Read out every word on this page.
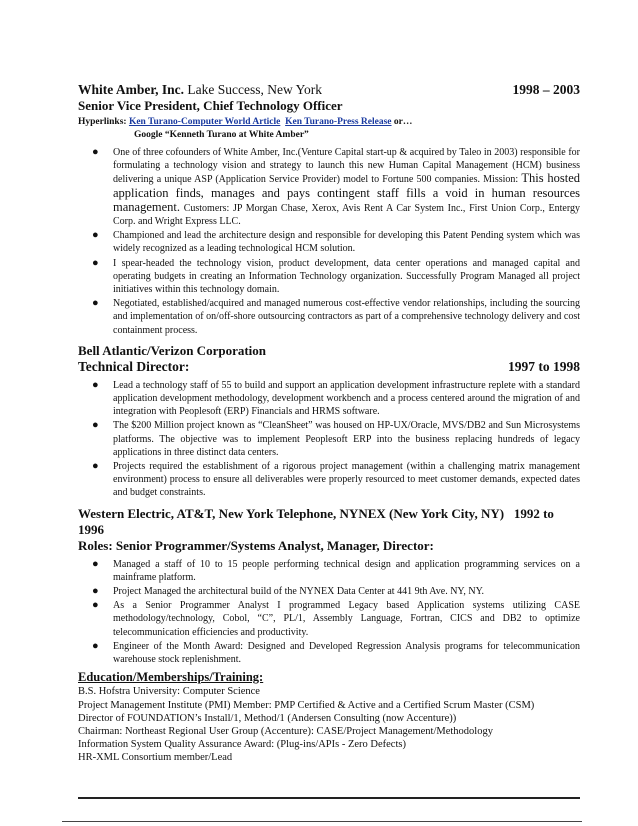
White Amber, Inc. Lake Success, New York	1998 – 2003
Senior Vice President, Chief Technology Officer
Hyperlinks: Ken Turano-Computer World Article Ken Turano-Press Release or…
Google “Kenneth Turano at White Amber”
● One of three cofounders of White Amber, Inc.(Venture Capital start-up & acquired by Taleo in 2003) responsible for formulating a technology vision and strategy to launch this new Human Capital Management (HCM) business delivering a unique ASP (Application Service Provider) model to Fortune 500 companies. Mission: This hosted application finds, manages and pays contingent staff fills a void in human resources management. Customers: JP Morgan Chase, Xerox, Avis Rent A Car System Inc., First Union Corp., Entergy Corp. and Wright Express LLC.
● Championed and lead the architecture design and responsible for developing this Patent Pending system which was widely recognized as a leading technological HCM solution.
● I spear-headed the technology vision, product development, data center operations and managed capital and operating budgets in creating an Information Technology organization. Successfully Program Managed all project initiatives within this technology domain.
● Negotiated, established/acquired and managed numerous cost-effective vendor relationships, including the sourcing and implementation of on/off-shore outsourcing contractors as part of a comprehensive technology delivery and cost containment process.
Bell Atlantic/Verizon Corporation
Technical Director:	1997 to 1998
● Lead a technology staff of 55 to build and support an application development infrastructure replete with a standard application development methodology, development workbench and a process centered around the migration of and integration with Peoplesoft (ERP) Financials and HRMS software.
● The $200 Million project known as “CleanSheet” was housed on HP-UX/Oracle, MVS/DB2 and Sun Microsystems platforms. The objective was to implement Peoplesoft ERP into the business replacing hundreds of legacy applications in three distinct data centers.
● Projects required the establishment of a rigorous project management (within a challenging matrix management environment) process to ensure all deliverables were properly resourced to meet customer demands, expected dates and budget constraints.
Western Electric, AT&T, New York Telephone, NYNEX (New York City, NY) 1992 to 1996
Roles: Senior Programmer/Systems Analyst, Manager, Director:
● Managed a staff of 10 to 15 people performing technical design and application programming services on a mainframe platform.
● Project Managed the architectural build of the NYNEX Data Center at 441 9th Ave. NY, NY.
● As a Senior Programmer Analyst I programmed Legacy based Application systems utilizing CASE methodology/technology, Cobol, “C”, PL/1, Assembly Language, Fortran, CICS and DB2 to optimize telecommunication efficiencies and productivity.
● Engineer of the Month Award: Designed and Developed Regression Analysis programs for telecommunication warehouse stock replenishment.
Education/Memberships/Training:
B.S. Hofstra University: Computer Science
Project Management Institute (PMI) Member: PMP Certified & Active and a Certified Scrum Master (CSM)
Director of FOUNDATION’s Install/1, Method/1 (Andersen Consulting (now Accenture))
Chairman: Northeast Regional User Group (Accenture): CASE/Project Management/Methodology
Information System Quality Assurance Award: (Plug-ins/APIs - Zero Defects)
HR-XML Consortium member/Lead
